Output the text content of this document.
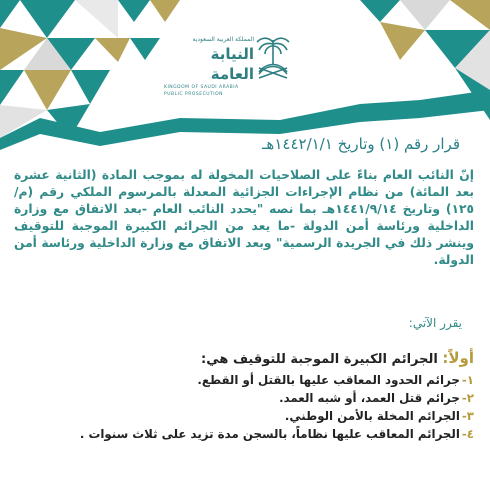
المملكة العربية السعودية
النيابة العامة
KINGDOM OF SAUDI ARABIA
PUBLIC PROSECUTION
قرار رقم (١) وتاريخ ١٤٤٢/١/١هـ
إنّ النائب العام بناءً على الصلاحيات المخولة له بموجب المادة (الثانية عشرة بعد المائة) من نظام الإجراءات الجزائية المعدلة بالمرسوم الملكي رقم (م/١٢٥) وتاريخ ١٤٤١/٩/١٤هـ بما نصه "يحدد النائب العام -بعد الاتفاق مع وزارة الداخلية ورئاسة أمن الدولة -ما يعد من الجرائم الكبيرة الموجبة للتوقيف وينشر ذلك في الجريدة الرسمية" وبعد الاتفاق مع وزارة الداخلية ورئاسة أمن الدولة.
يقرر الآتي:
أولاً: الجرائم الكبيرة الموجبة للتوقيف هي:
١-جرائم الحدود المعاقب عليها بالقتل أو القطع.
٢-جرائم قتل العمد، أو شبه العمد.
٣-الجرائم المخلة بالأمن الوطني.
٤-الجرائم المعاقب عليها نظاماً، بالسجن مدة تزيد على ثلاث سنوات .
